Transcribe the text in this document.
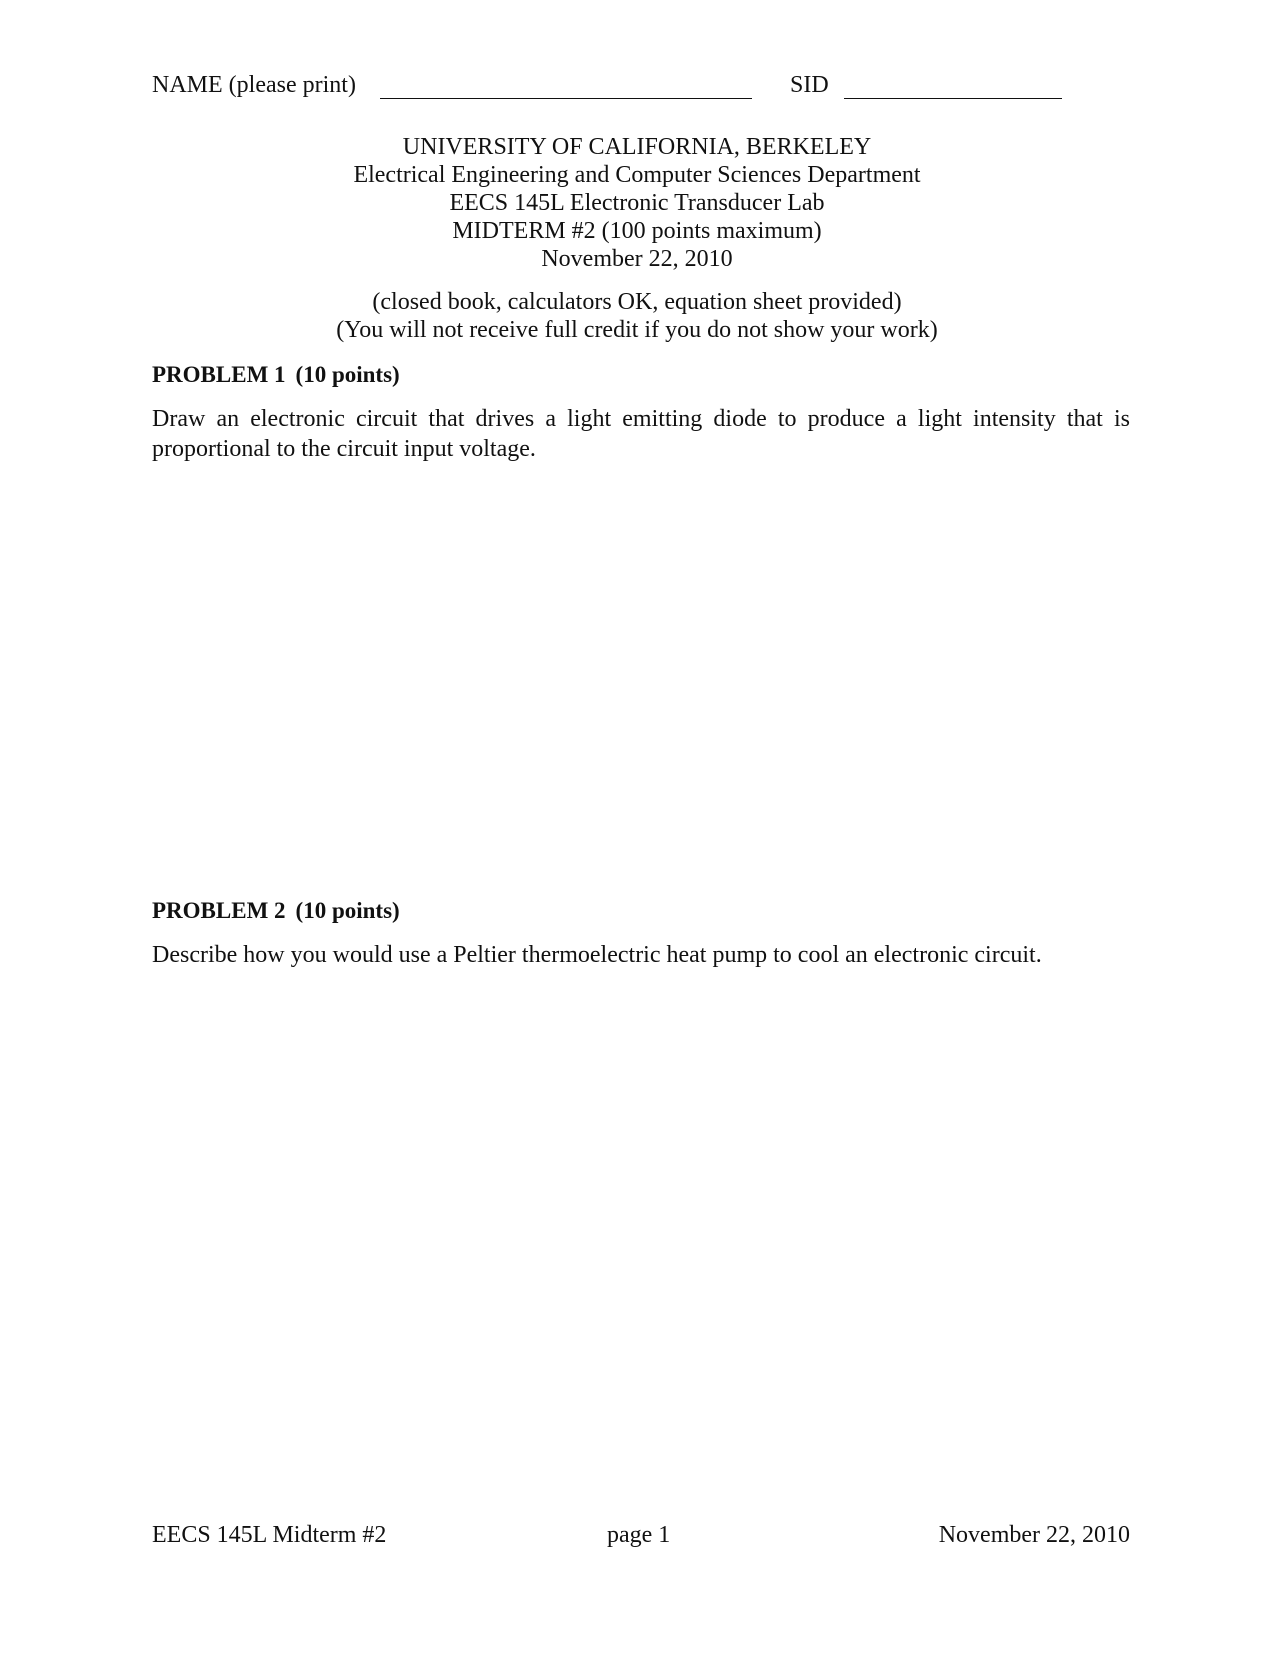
NAME (please print)	SID
UNIVERSITY OF CALIFORNIA, BERKELEY
Electrical Engineering and Computer Sciences Department
EECS 145L Electronic Transducer Lab
MIDTERM #2 (100 points maximum)
November 22, 2010
(closed book, calculators OK, equation sheet provided)
(You will not receive full credit if you do not show your work)
PROBLEM 1 (10 points)
Draw an electronic circuit that drives a light emitting diode to produce a light intensity that is proportional to the circuit input voltage.
PROBLEM 2 (10 points)
Describe how you would use a Peltier thermoelectric heat pump to cool an electronic circuit.
EECS 145L Midterm #2	page 1	November 22, 2010
